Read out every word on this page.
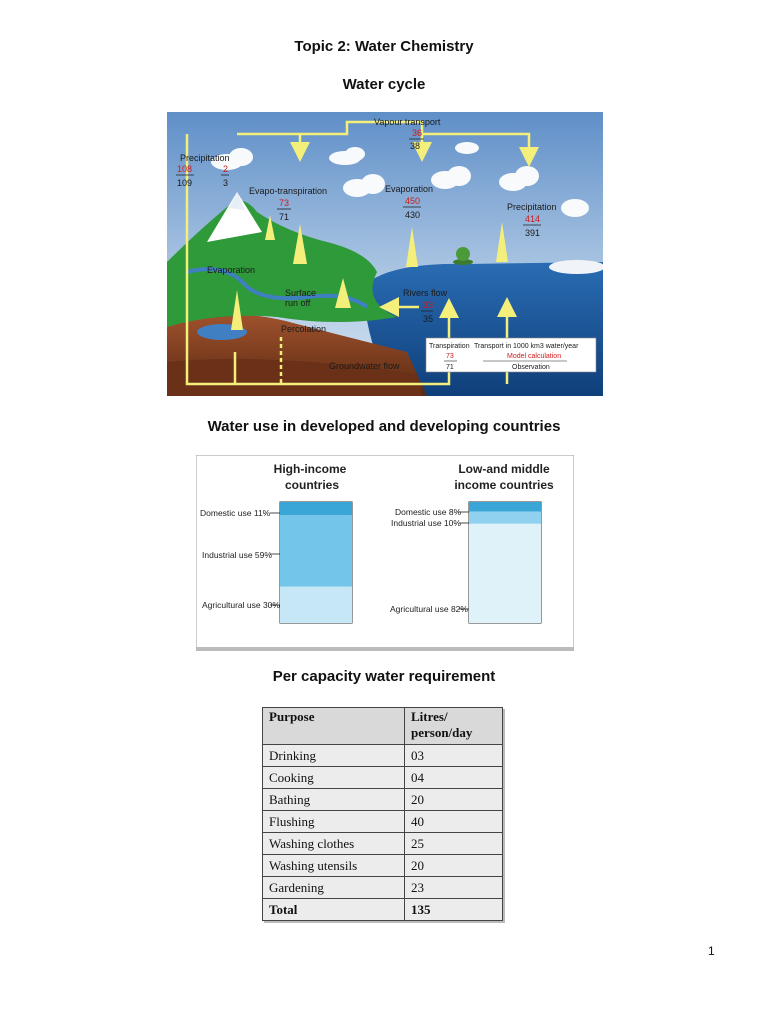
Topic 2: Water Chemistry
Water cycle
Vapour transport
36
38
Precipitation
108
109
2
3
Evapo-transpiration
73
71
Evaporation
450
430
Precipitation
414
391
Evaporation
Surface run off
Percolation
Rivers flow
33
35
Groundwater flow
Transpiration Transport in 1000 km3 water/year
73	Model calculation
71	Observation
Water use in developed and developing countries
High-income
countries
Low-and middle
income countries
Domestic use 11%
Industrial use 59%
Agricultural use 30%
Domestic use 8%
Industrial use 10%
Agricultural use 82%
Per capacity water requirement
Purpose	Litres/
person/day
Drinking	03
Cooking	04
Bathing	20
Flushing	40
Washing clothes	25
Washing utensils	20
Gardening	23
Total	135
1
